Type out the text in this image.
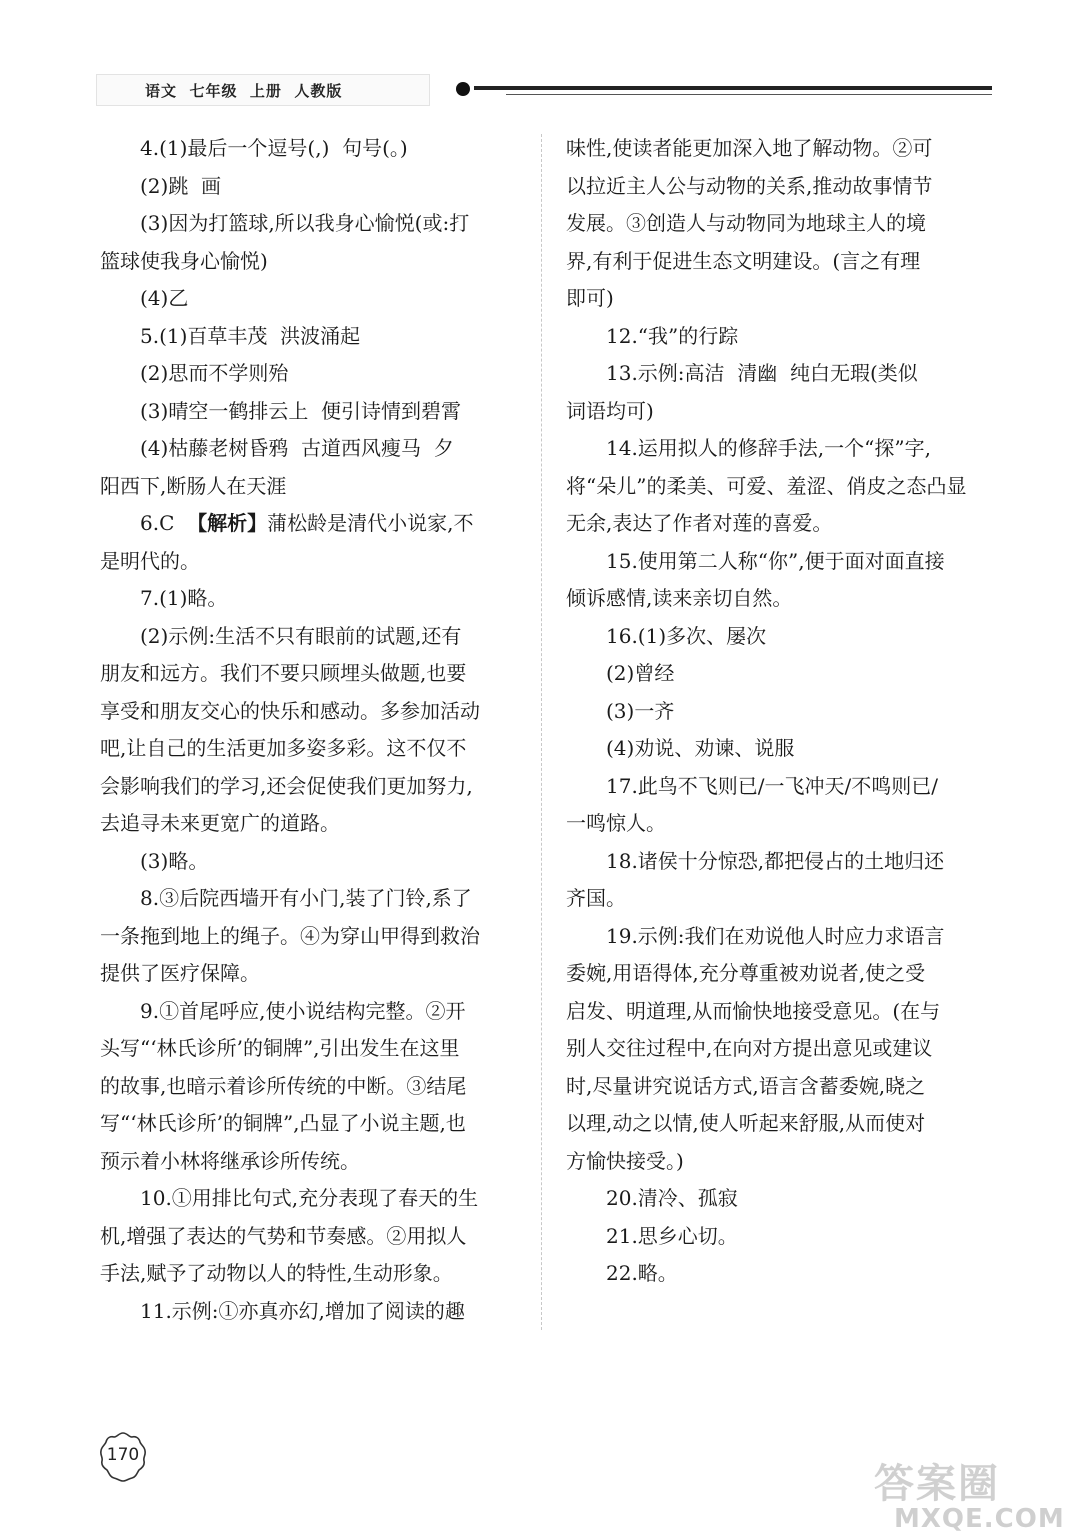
语文  七年级  上册  人教版
4.(1)最后一个逗号(,)  句号(。)
(2)跳  画
(3)因为打篮球,所以我身心愉悦(或:打
篮球使我身心愉悦)
(4)乙
5.(1)百草丰茂  洪波涌起
(2)思而不学则殆
(3)晴空一鹤排云上  便引诗情到碧霄
(4)枯藤老树昏鸦  古道西风瘦马  夕
阳西下,断肠人在天涯
6.C  【解析】蒲松龄是清代小说家,不
是明代的。
7.(1)略。
(2)示例:生活不只有眼前的试题,还有
朋友和远方。我们不要只顾埋头做题,也要
享受和朋友交心的快乐和感动。多参加活动
吧,让自己的生活更加多姿多彩。这不仅不
会影响我们的学习,还会促使我们更加努力,
去追寻未来更宽广的道路。
(3)略。
8.③后院西墙开有小门,装了门铃,系了
一条拖到地上的绳子。④为穿山甲得到救治
提供了医疗保障。
9.①首尾呼应,使小说结构完整。②开
头写“‘林氏诊所’的铜牌”,引出发生在这里
的故事,也暗示着诊所传统的中断。③结尾
写“‘林氏诊所’的铜牌”,凸显了小说主题,也
预示着小林将继承诊所传统。
10.①用排比句式,充分表现了春天的生
机,增强了表达的气势和节奏感。②用拟人
手法,赋予了动物以人的特性,生动形象。
11.示例:①亦真亦幻,增加了阅读的趣
味性,使读者能更加深入地了解动物。②可
以拉近主人公与动物的关系,推动故事情节
发展。③创造人与动物同为地球主人的境
界,有利于促进生态文明建设。(言之有理
即可)
12.“我”的行踪
13.示例:高洁  清幽  纯白无瑕(类似
词语均可)
14.运用拟人的修辞手法,一个“探”字,
将“朵儿”的柔美、可爱、羞涩、俏皮之态凸显
无余,表达了作者对莲的喜爱。
15.使用第二人称“你”,便于面对面直接
倾诉感情,读来亲切自然。
16.(1)多次、屡次
(2)曾经
(3)一齐
(4)劝说、劝谏、说服
17.此鸟不飞则已/一飞冲天/不鸣则已/
一鸣惊人。
18.诸侯十分惊恐,都把侵占的土地归还
齐国。
19.示例:我们在劝说他人时应力求语言
委婉,用语得体,充分尊重被劝说者,使之受
启发、明道理,从而愉快地接受意见。(在与
别人交往过程中,在向对方提出意见或建议
时,尽量讲究说话方式,语言含蓄委婉,晓之
以理,动之以情,使人听起来舒服,从而使对
方愉快接受。)
20.清冷、孤寂
21.思乡心切。
22.略。
170
答案圈
MXQE.COM
